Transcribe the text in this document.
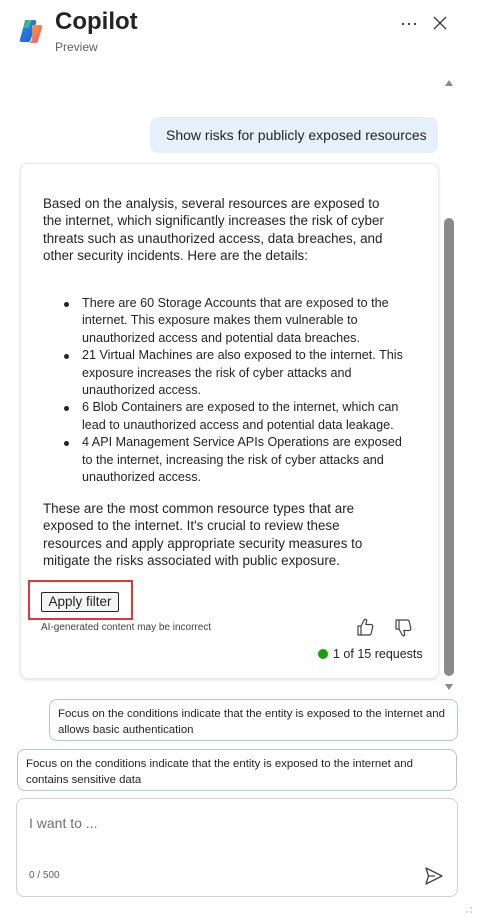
Copilot
Preview
Show risks for publicly exposed resources

Based on the analysis, several resources are exposed to the internet, which significantly increases the risk of cyber threats such as unauthorized access, data breaches, and other security incidents. Here are the details:

There are 60 Storage Accounts that are exposed to the internet. This exposure makes them vulnerable to unauthorized access and potential data breaches.
21 Virtual Machines are also exposed to the internet. This exposure increases the risk of cyber attacks and unauthorized access.
6 Blob Containers are exposed to the internet, which can lead to unauthorized access and potential data leakage.
4 API Management Service APIs Operations are exposed to the internet, increasing the risk of cyber attacks and unauthorized access.

These are the most common resource types that are exposed to the internet. It's crucial to review these resources and apply appropriate security measures to mitigate the risks associated with public exposure.

Apply filter
AI-generated content may be incorrect
1 of 15 requests
Focus on the conditions indicate that the entity is exposed to the internet and allows basic authentication
Focus on the conditions indicate that the entity is exposed to the internet and contains sensitive data
I want to ...
0 / 500
